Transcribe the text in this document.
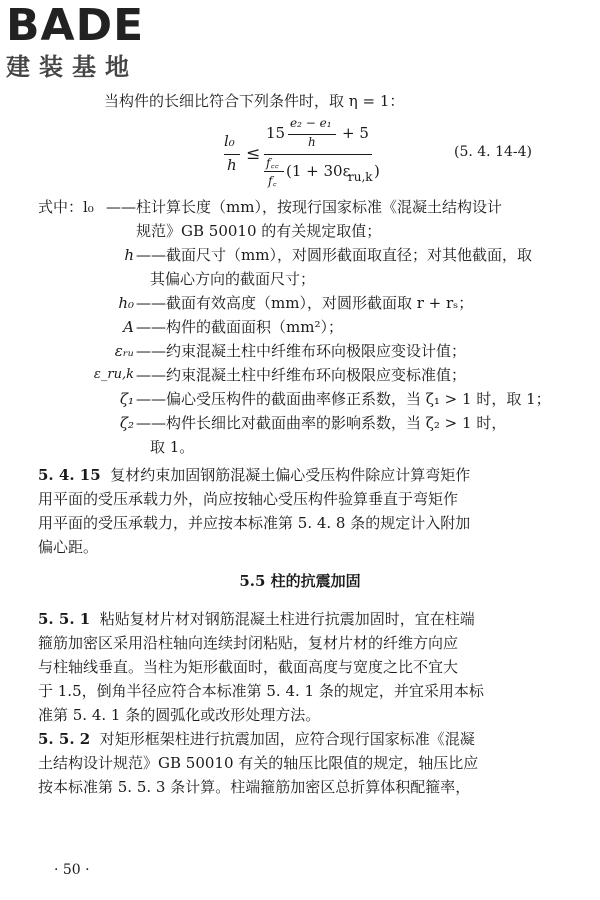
BADE
建装基地
当构件的长细比符合下列条件时，取 η = 1：
l₀
h
≤
15
e₂ − e₁
h + 5
f꜀꜀
f꜀
(1 + 30ε
ru,k )
(5. 4. 14-4)
式中：l₀ ——柱计算长度（mm），按现行国家标准《混凝土结构设计
规范》GB 50010 的有关规定取值；
h ——截面尺寸（mm），对圆形截面取直径；对其他截面，取
其偏心方向的截面尺寸；
h₀ ——截面有效高度（mm），对圆形截面取 r + rₛ；
A ——构件的截面面积（mm²）；
εᵣᵤ ——约束混凝土柱中纤维布环向极限应变设计值；
ε_ru,k ——约束混凝土柱中纤维布环向极限应变标准值；
ζ₁ ——偏心受压构件的截面曲率修正系数，当 ζ₁ > 1 时，取 1；
ζ₂ ——构件长细比对截面曲率的影响系数，当 ζ₂ > 1 时，
取 1。
5. 4. 15 复材约束加固钢筋混凝土偏心受压构件除应计算弯矩作
用平面的受压承载力外，尚应按轴心受压构件验算垂直于弯矩作
用平面的受压承载力，并应按本标准第 5. 4. 8 条的规定计入附加
偏心距。
5.5 柱的抗震加固
5. 5. 1 粘贴复材片材对钢筋混凝土柱进行抗震加固时，宜在柱端
箍筋加密区采用沿柱轴向连续封闭粘贴，复材片材的纤维方向应
与柱轴线垂直。当柱为矩形截面时，截面高度与宽度之比不宜大
于 1.5，倒角半径应符合本标准第 5. 4. 1 条的规定，并宜采用本标
准第 5. 4. 1 条的圆弧化或改形处理方法。
5. 5. 2 对矩形框架柱进行抗震加固，应符合现行国家标准《混凝
土结构设计规范》GB 50010 有关的轴压比限值的规定，轴压比应
按本标准第 5. 5. 3 条计算。柱端箍筋加密区总折算体积配箍率，
· 50 ·
